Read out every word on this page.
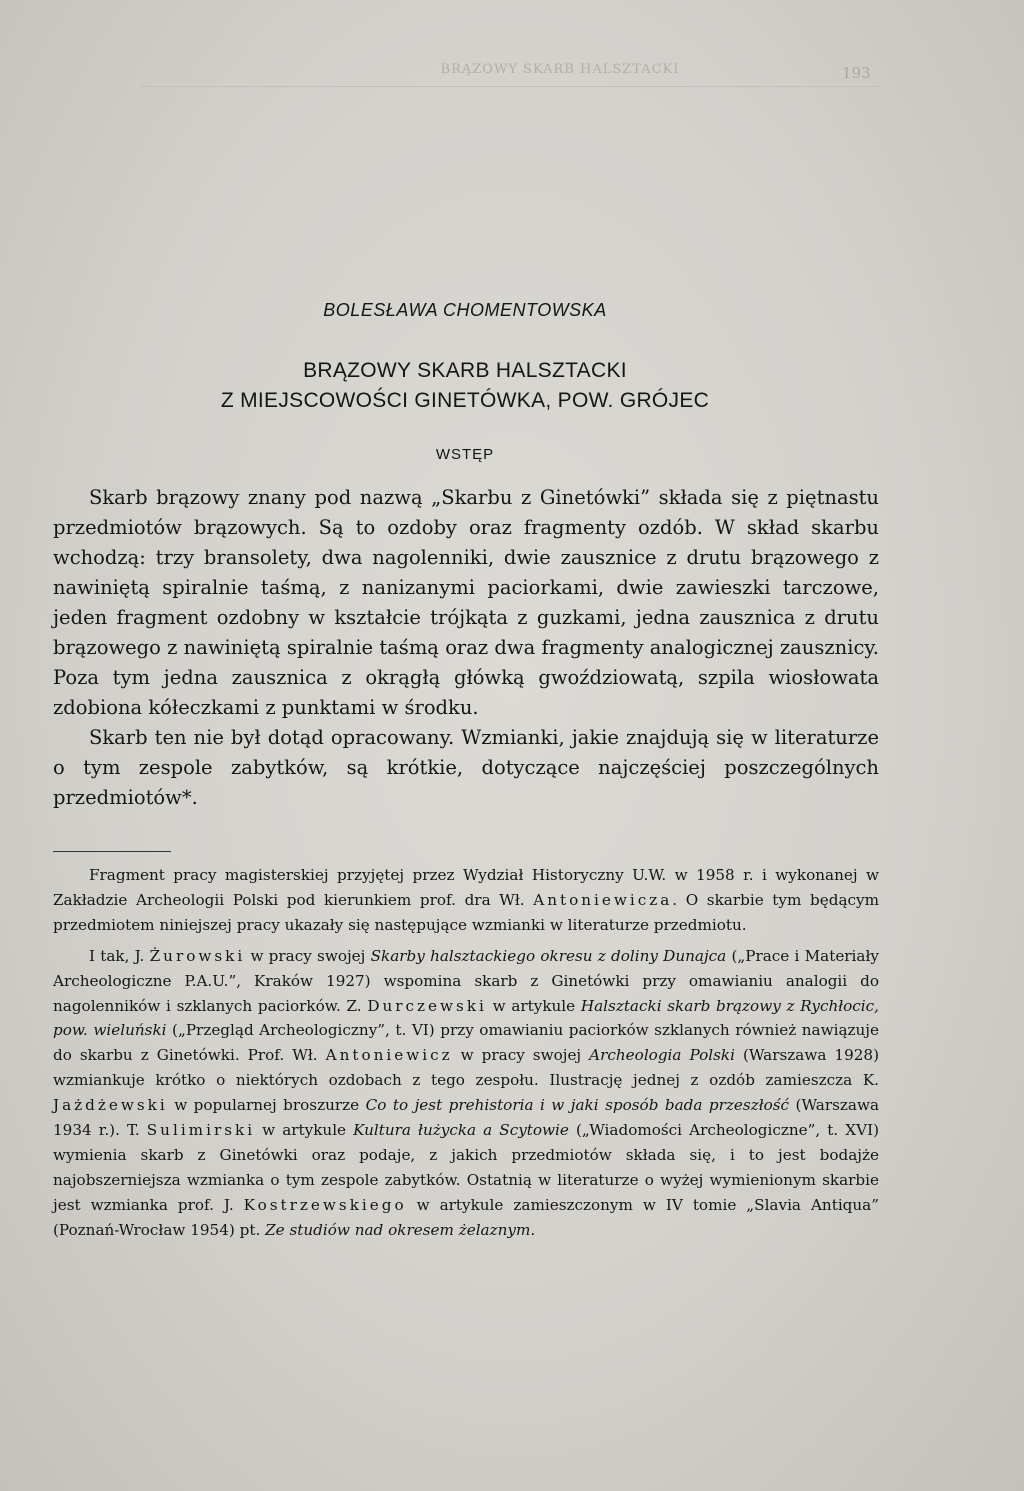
BRĄZOWY SKARB HALSZTACKI	193
BOLESŁAWA CHOMENTOWSKA
BRĄZOWY SKARB HALSZTACKI
Z MIEJSCOWOŚCI GINETÓWKA, POW. GRÓJEC
WSTĘP

Skarb brązowy znany pod nazwą „Skarbu z Ginetówki” składa się z piętnastu przedmiotów brązowych. Są to ozdoby oraz fragmenty ozdób. W skład skarbu wchodzą: trzy bransolety, dwa nagolenniki, dwie zausznice z drutu brązowego z nawiniętą spiralnie taśmą, z nanizanymi paciorkami, dwie zawieszki tarczowe, jeden fragment ozdobny w kształcie trójkąta z guzkami, jedna zausznica z drutu brązowego z nawiniętą spiralnie taśmą oraz dwa fragmenty analogicznej zausznicy. Poza tym jedna zausznica z okrągłą główką gwoździowatą, szpila wiosłowata zdobiona kółeczkami z punktami w środku.

Skarb ten nie był dotąd opracowany. Wzmianki, jakie znajdują się w literaturze o tym zespole zabytków, są krótkie, dotyczące najczęściej poszczególnych przedmiotów*.

Fragment pracy magisterskiej przyjętej przez Wydział Historyczny U.W. w 1958 r. i wykonanej w Zakładzie Archeologii Polski pod kierunkiem prof. dra Wł. Antoniewicza. O skarbie tym będącym przedmiotem niniejszej pracy ukazały się następujące wzmianki w literaturze przedmiotu.

I tak, J. Żurowski w pracy swojej Skarby halsztackiego okresu z doliny Dunajca („Prace i Materiały Archeologiczne P.A.U.”, Kraków 1927) wspomina skarb z Ginetówki przy omawianiu analogii do nagolenników i szklanych paciorków. Z. Durczewski w artykule Halsztacki skarb brązowy z Rychłocic, pow. wieluński („Przegląd Archeologiczny”, t. VI) przy omawianiu paciorków szklanych również nawiązuje do skarbu z Ginetówki. Prof. Wł. Antoniewicz w pracy swojej Archeologia Polski (Warszawa 1928) wzmiankuje krótko o niektórych ozdobach z tego zespołu. Ilustrację jednej z ozdób zamieszcza K. Jażdżewski w popularnej broszurze Co to jest prehistoria i w jaki sposób bada przeszłość (Warszawa 1934 r.). T. Sulimirski w artykule Kultura łużycka a Scytowie („Wiadomości Archeologiczne”, t. XVI) wymienia skarb z Ginetówki oraz podaje, z jakich przedmiotów składa się, i to jest bodajże najobszerniejsza wzmianka o tym zespole zabytków. Ostatnią w literaturze o wyżej wymienionym skarbie jest wzmianka prof. J. Kostrzewskiego w artykule zamieszczonym w IV tomie „Slavia Antiqua” (Poznań-Wrocław 1954) pt. Ze studiów nad okresem żelaznym.
